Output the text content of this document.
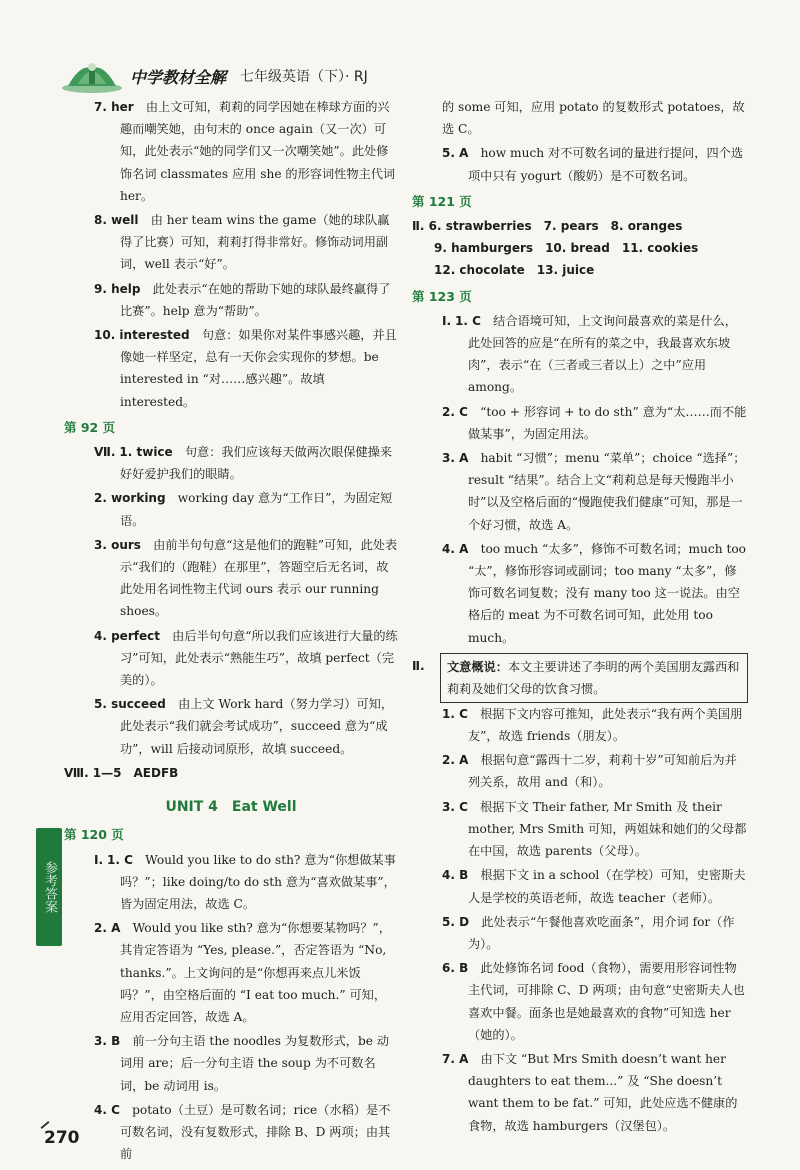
中学教材全解 七年级英语（下）· RJ
7. her　 由上文可知，莉莉的同学因她在棒球方面的兴趣而嘲笑她，由句末的 once again（又一次）可知，此处表示“她的同学们又一次嘲笑她”。此处修饰名词 classmates 应用 she 的形容词性物主代词 her。
8. well　 由 her team wins the game（她的球队赢得了比赛）可知，莉莉打得非常好。修饰动词用副词，well 表示“好”。
9. help　 此处表示“在她的帮助下她的球队最终赢得了比赛”。help 意为“帮助”。
10. interested　 句意：如果你对某件事感兴趣，并且像她一样坚定，总有一天你会实现你的梦想。be interested in “对……感兴趣”。故填 interested。
第 92 页
Ⅶ. 1. twice　 句意：我们应该每天做两次眼保健操来好好爱护我们的眼睛。
2. working　 working day 意为“工作日”，为固定短语。
3. ours　 由前半句句意“这是他们的跑鞋”可知，此处表示“我们的（跑鞋）在那里”，答题空后无名词，故此处用名词性物主代词 ours 表示 our running shoes。
4. perfect　 由后半句句意“所以我们应该进行大量的练习”可知，此处表示“熟能生巧”，故填 perfect（完美的）。
5. succeed　 由上文 Work hard（努力学习）可知，此处表示“我们就会考试成功”，succeed 意为“成功”，will 后接动词原形，故填 succeed。
Ⅷ. 1—5　AEDFB
UNIT 4　Eat Well
第 120 页
Ⅰ. 1. C　 Would you like to do sth? 意为“你想做某事吗？”；like doing/to do sth 意为“喜欢做某事”，皆为固定用法，故选 C。
2. A　 Would you like sth? 意为“你想要某物吗？”，其肯定答语为 “Yes, please.”，否定答语为 “No, thanks.”。上文询问的是“你想再来点儿米饭吗？”，由空格后面的 “I eat too much.” 可知，应用否定回答，故选 A。
3. B　 前一分句主语 the noodles 为复数形式，be 动词用 are；后一分句主语 the soup 为不可数名词，be 动词用 is。
4. C　 potato（土豆）是可数名词；rice（水稻）是不可数名词，没有复数形式，排除 B、D 两项；由其前
的 some 可知，应用 potato 的复数形式 potatoes，故选 C。
5. A　 how much 对不可数名词的量进行提问，四个选项中只有 yogurt（酸奶）是不可数名词。
第 121 页
Ⅱ. 6. strawberries　7. pears　8. oranges
9. hamburgers　10. bread　11. cookies
12. chocolate　13. juice
第 123 页
Ⅰ. 1. C　 结合语境可知，上文询问最喜欢的菜是什么，此处回答的应是“在所有的菜之中，我最喜欢东坡肉”，表示“在（三者或三者以上）之中”应用 among。
2. C　 “too + 形容词 + to do sth” 意为“太……而不能做某事”，为固定用法。
3. A　 habit “习惯”；menu “菜单”；choice “选择”；result “结果”。结合上文“莉莉总是每天慢跑半小时”以及空格后面的“慢跑使我们健康”可知，那是一个好习惯，故选 A。
4. A　 too much “太多”，修饰不可数名词；much too “太”，修饰形容词或副词；too many “太多”，修饰可数名词复数；没有 many too 这一说法。由空格后的 meat 为不可数名词可知，此处用 too much。
Ⅱ.	文意概说：本文主要讲述了李明的两个美国朋友露西和莉莉及她们父母的饮食习惯。
1. C　 根据下文内容可推知，此处表示“我有两个美国朋友”，故选 friends（朋友）。
2. A　 根据句意“露西十二岁，莉莉十岁”可知前后为并列关系，故用 and（和）。
3. C　 根据下文 Their father, Mr Smith 及 their mother, Mrs Smith 可知，两姐妹和她们的父母都在中国，故选 parents（父母）。
4. B　 根据下文 in a school（在学校）可知，史密斯夫人是学校的英语老师，故选 teacher（老师）。
5. D　 此处表示“午餐他喜欢吃面条”，用介词 for（作为）。
6. B　 此处修饰名词 food（食物），需要用形容词性物主代词，可排除 C、D 两项；由句意“史密斯夫人也喜欢中餐。面条也是她最喜欢的食物”可知选 her（她的）。
7. A　 由下文 “But Mrs Smith doesn’t want her daughters to eat them...” 及 “She doesn’t want them to be fat.” 可知，此处应选不健康的食物，故选 hamburgers（汉堡包）。
参考答案
270
